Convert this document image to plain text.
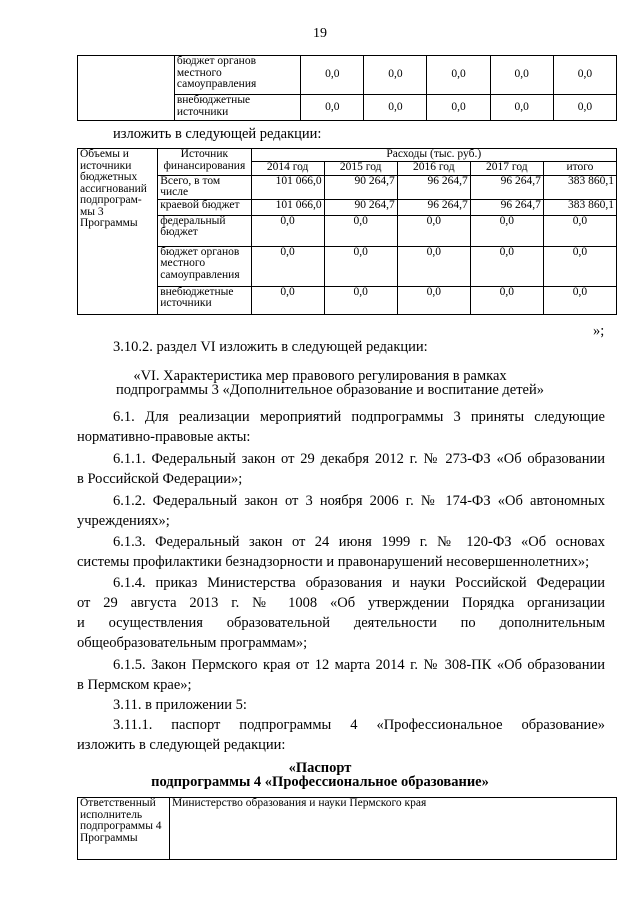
19
	бюджет органов местного самоуправления	0,0	0,0	0,0	0,0	0,0
	внебюджетные источники	0,0	0,0	0,0	0,0	0,0
изложить в следующей редакции:
Объемы и источники бюджетных ассигнований подпрограм-мы 3 Программы	Источник финансирования	Расходы (тыс. руб.)				
		2014 год	2015 год	2016 год	2017 год	итого
	Всего, в том числе	101 066,0	90 264,7	96 264,7	96 264,7	383 860,1
	краевой бюджет	101 066,0	90 264,7	96 264,7	96 264,7	383 860,1
	федеральный бюджет	0,0	0,0	0,0	0,0	0,0
	бюджет органов местного самоуправления	0,0	0,0	0,0	0,0	0,0
	внебюджетные источники	0,0	0,0	0,0	0,0	0,0
»;
3.10.2. раздел VI изложить в следующей редакции:
«VI. Характеристика мер правового регулирования в рамках
подпрограммы 3 «Дополнительное образование и воспитание детей»
6.1. Для реализации мероприятий подпрограммы 3 приняты следующие
нормативно-правовые акты:
6.1.1. Федеральный закон от 29 декабря 2012 г. № 273-ФЗ «Об образовании
в Российской Федерации»;
6.1.2. Федеральный закон от 3 ноября 2006 г. № 174-ФЗ «Об автономных
учреждениях»;
6.1.3. Федеральный закон от 24 июня 1999 г. № 120-ФЗ «Об основах
системы профилактики безнадзорности и правонарушений несовершеннолетних»;
6.1.4. приказ Министерства образования и науки Российской Федерации
от 29 августа 2013 г. № 1008 «Об утверждении Порядка организации
и осуществления образовательной деятельности по дополнительным
общеобразовательным программам»;
6.1.5. Закон Пермского края от 12 марта 2014 г. № 308-ПК «Об образовании
в Пермском крае»;
3.11. в приложении 5:
3.11.1. паспорт подпрограммы 4 «Профессиональное образование»
изложить в следующей редакции:
«Паспорт
подпрограммы 4 «Профессиональное образование»
Ответственный исполнитель подпрограммы 4 Программы	Министерство образования и науки Пермского края
